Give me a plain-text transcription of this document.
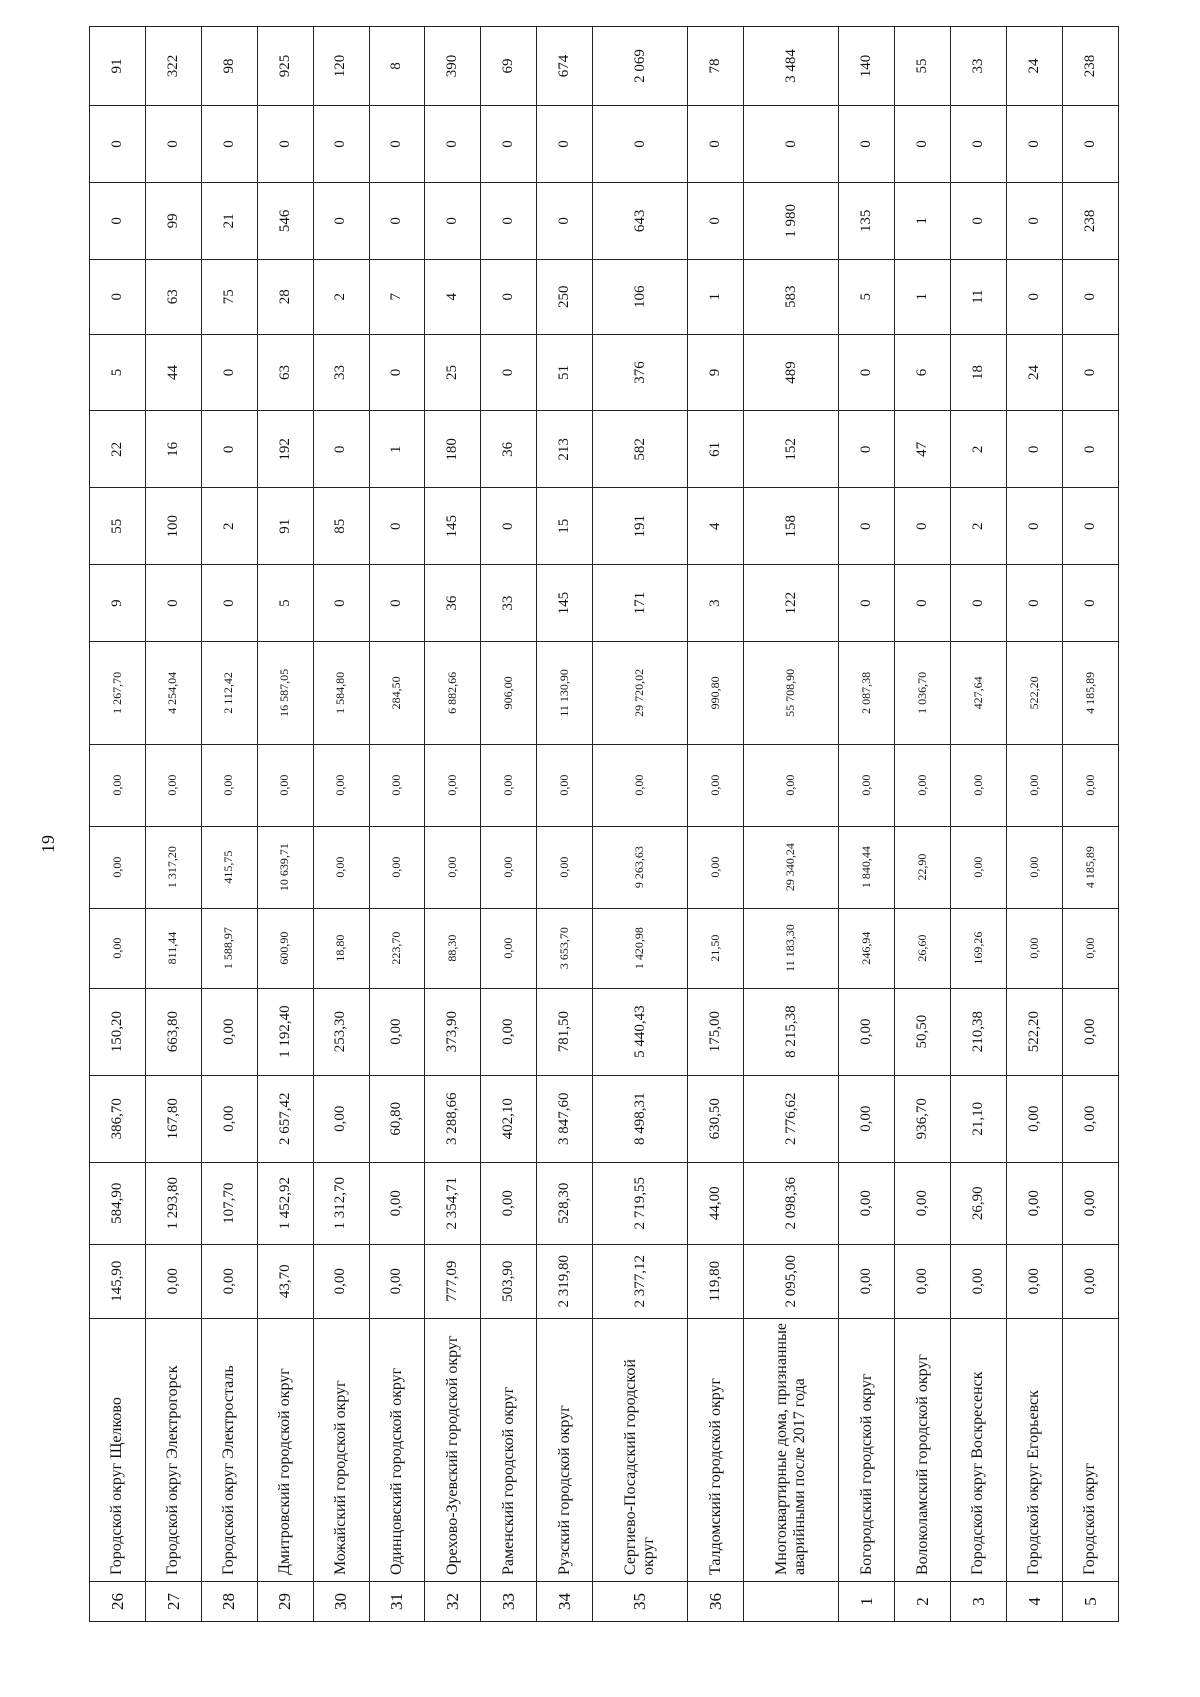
19
26	Городской округ Щелково	145,90	584,90	386,70	150,20	0,00	0,00	0,00	1 267,70	9	55	22	5	0	0	0	91
27	Городской округ Электрогорск	0,00	1 293,80	167,80	663,80	811,44	1 317,20	0,00	4 254,04	0	100	16	44	63	99	0	322
28	Городской округ Электросталь	0,00	107,70	0,00	0,00	1 588,97	415,75	0,00	2 112,42	0	2	0	0	75	21	0	98
29	Дмитровский городской округ	43,70	1 452,92	2 657,42	1 192,40	600,90	10 639,71	0,00	16 587,05	5	91	192	63	28	546	0	925
30	Можайский городской округ	0,00	1 312,70	0,00	253,30	18,80	0,00	0,00	1 584,80	0	85	0	33	2	0	0	120
31	Одинцовский городской округ	0,00	0,00	60,80	0,00	223,70	0,00	0,00	284,50	0	0	1	0	7	0	0	8
32	Орехово-Зуевский городской округ	777,09	2 354,71	3 288,66	373,90	88,30	0,00	0,00	6 882,66	36	145	180	25	4	0	0	390
33	Раменский городской округ	503,90	0,00	402,10	0,00	0,00	0,00	0,00	906,00	33	0	36	0	0	0	0	69
34	Рузский городской округ	2 319,80	528,30	3 847,60	781,50	3 653,70	0,00	0,00	11 130,90	145	15	213	51	250	0	0	674
35	Сергиево-Посадский городской округ	2 377,12	2 719,55	8 498,31	5 440,43	1 420,98	9 263,63	0,00	29 720,02	171	191	582	376	106	643	0	2 069
36	Талдомский городской округ	119,80	44,00	630,50	175,00	21,50	0,00	0,00	990,80	3	4	61	9	1	0	0	78
	Многоквартирные дома, признанные аварийными после 2017 года	2 095,00	2 098,36	2 776,62	8 215,38	11 183,30	29 340,24	0,00	55 708,90	122	158	152	489	583	1 980	0	3 484
1	Богородский городской округ	0,00	0,00	0,00	0,00	246,94	1 840,44	0,00	2 087,38	0	0	0	0	5	135	0	140
2	Волоколамский городской округ	0,00	0,00	936,70	50,50	26,60	22,90	0,00	1 036,70	0	0	47	6	1	1	0	55
3	Городской округ Воскресенск	0,00	26,90	21,10	210,38	169,26	0,00	0,00	427,64	0	2	2	18	11	0	0	33
4	Городской округ Егорьевск	0,00	0,00	0,00	522,20	0,00	0,00	0,00	522,20	0	0	0	24	0	0	0	24
5	Городской округ	0,00	0,00	0,00	0,00	0,00	4 185,89	0,00	4 185,89	0	0	0	0	0	238	0	238
